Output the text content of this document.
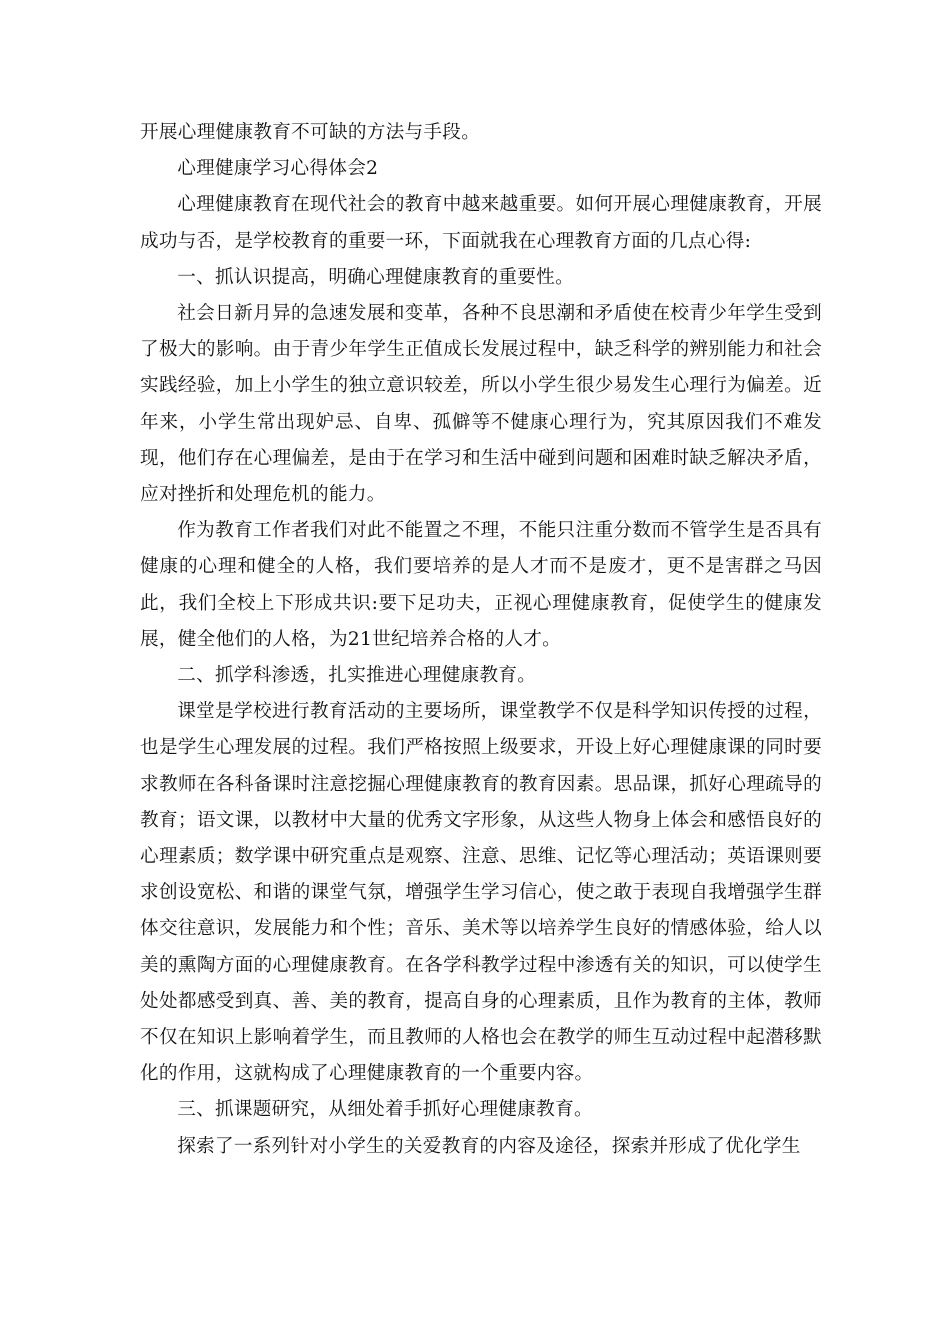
开展心理健康教育不可缺的方法与手段。

心理健康学习心得体会2

心理健康教育在现代社会的教育中越来越重要。如何开展心理健康教育，开展成功与否，是学校教育的重要一环，下面就我在心理教育方面的几点心得:

一、抓认识提高，明确心理健康教育的重要性。

社会日新月异的急速发展和变革，各种不良思潮和矛盾使在校青少年学生受到了极大的影响。由于青少年学生正值成长发展过程中，缺乏科学的辨别能力和社会实践经验，加上小学生的独立意识较差，所以小学生很少易发生心理行为偏差。近年来，小学生常出现妒忌、自卑、孤僻等不健康心理行为，究其原因我们不难发现，他们存在心理偏差，是由于在学习和生活中碰到问题和困难时缺乏解决矛盾，应对挫折和处理危机的能力。

作为教育工作者我们对此不能置之不理，不能只注重分数而不管学生是否具有健康的心理和健全的人格，我们要培养的是人才而不是废才，更不是害群之马因此，我们全校上下形成共识:要下足功夫，正视心理健康教育，促使学生的健康发展，健全他们的人格，为21世纪培养合格的人才。

二、抓学科渗透，扎实推进心理健康教育。

课堂是学校进行教育活动的主要场所，课堂教学不仅是科学知识传授的过程，也是学生心理发展的过程。我们严格按照上级要求，开设上好心理健康课的同时要求教师在各科备课时注意挖掘心理健康教育的教育因素。思品课，抓好心理疏导的教育；语文课，以教材中大量的优秀文字形象，从这些人物身上体会和感悟良好的心理素质；数学课中研究重点是观察、注意、思维、记忆等心理活动；英语课则要求创设宽松、和谐的课堂气氛，增强学生学习信心，使之敢于表现自我增强学生群体交往意识，发展能力和个性；音乐、美术等以培养学生良好的情感体验，给人以美的熏陶方面的心理健康教育。在各学科教学过程中渗透有关的知识，可以使学生处处都感受到真、善、美的教育，提高自身的心理素质，且作为教育的主体，教师不仅在知识上影响着学生，而且教师的人格也会在教学的师生互动过程中起潜移默化的作用，这就构成了心理健康教育的一个重要内容。

三、抓课题研究，从细处着手抓好心理健康教育。

探索了一系列针对小学生的关爱教育的内容及途径，探索并形成了优化学生
